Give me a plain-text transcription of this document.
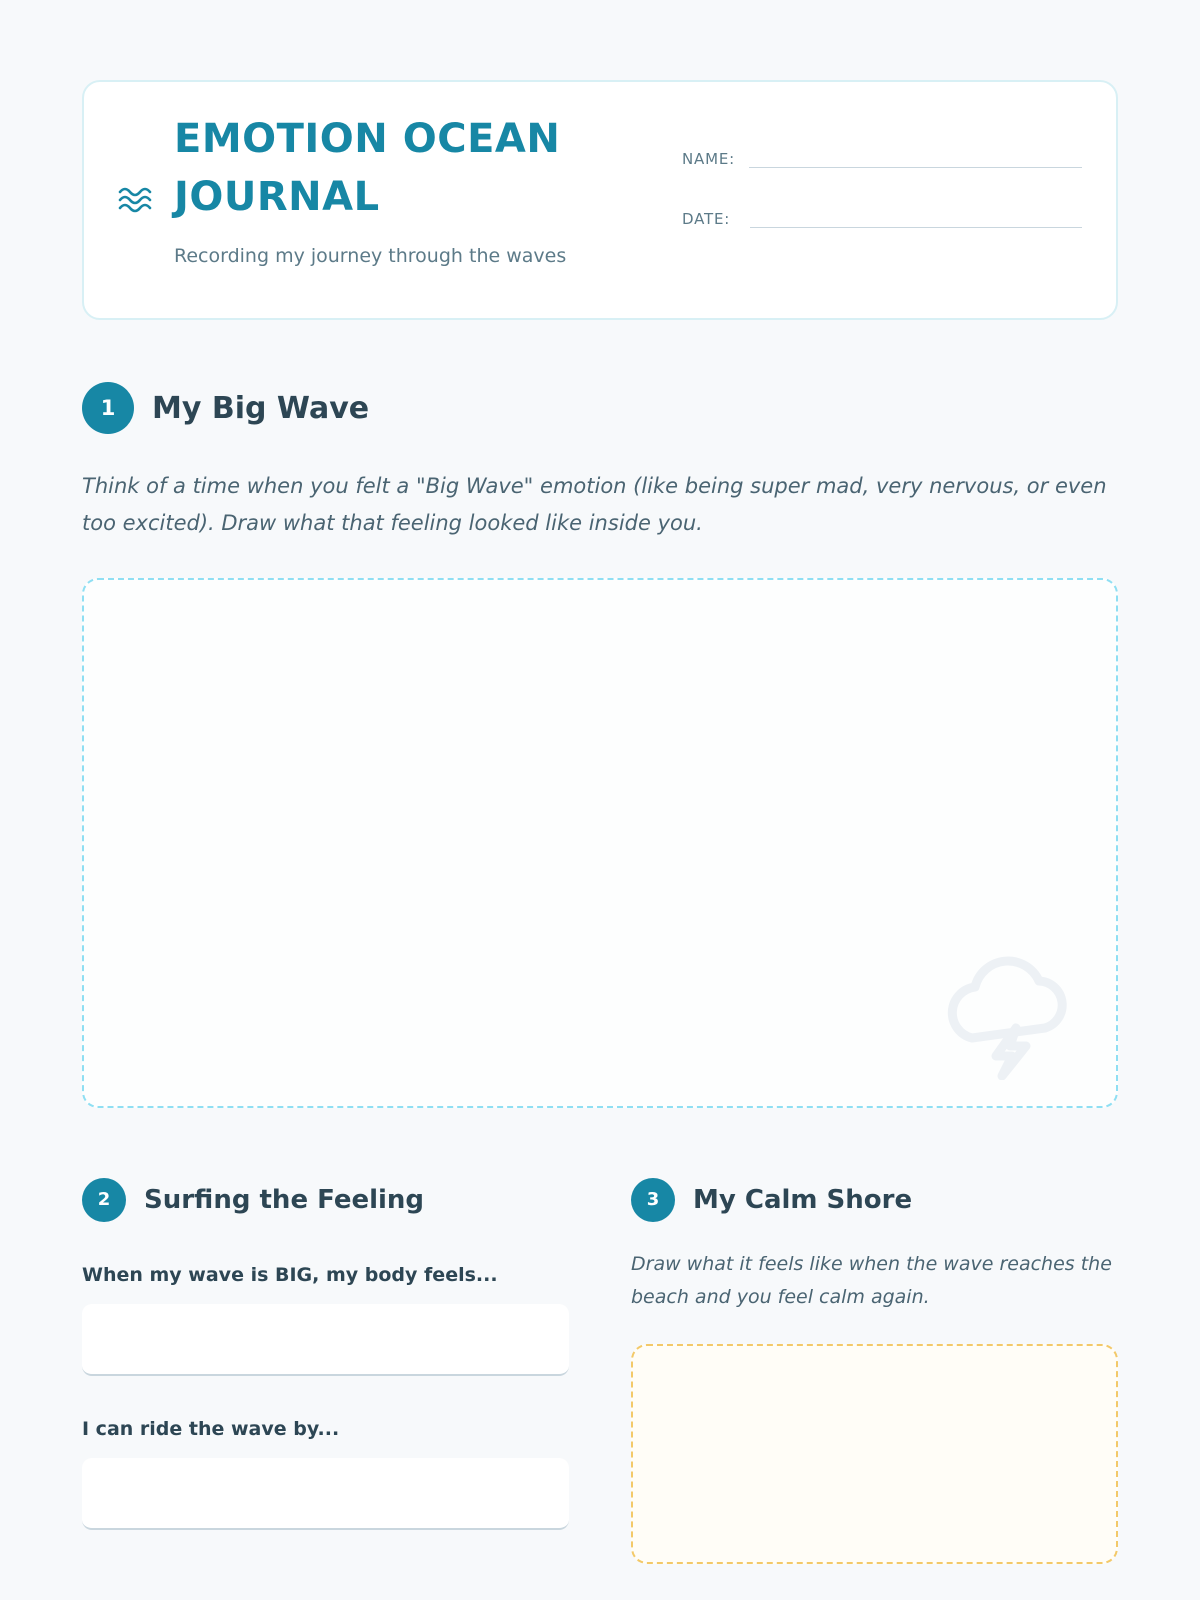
EMOTION OCEAN JOURNAL
Recording my journey through the waves
NAME:
DATE:
1	My Big Wave
Think of a time when you felt a "Big Wave" emotion (like being super mad, very nervous, or even too excited). Draw what that feeling looked like inside you.
2	Surfing the Feeling
When my wave is BIG, my body feels...
I can ride the wave by...
3	My Calm Shore
Draw what it feels like when the wave reaches the beach and you feel calm again.
